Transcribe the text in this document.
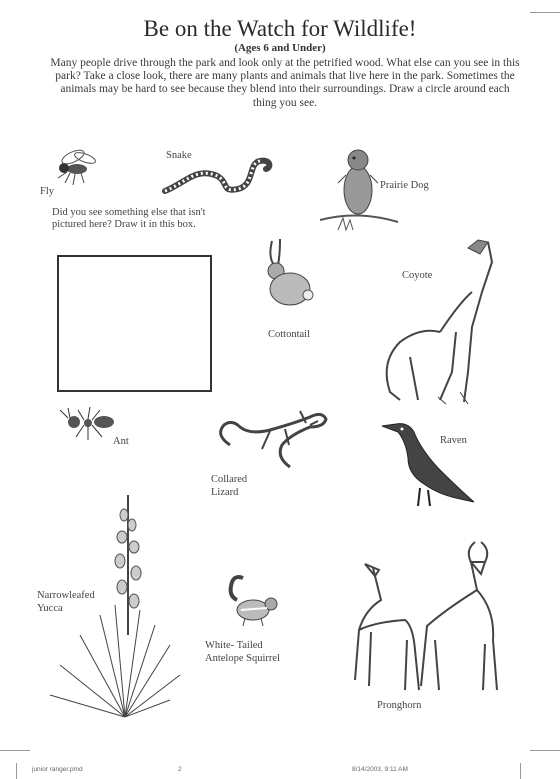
Be on the Watch for Wildlife!
(Ages 6 and Under)
Many people drive through the park and look only at the petrified wood. What else can you see in this park? Take a close look, there are many plants and animals that live here in the park. Sometimes the animals may be hard to see because they blend into their surroundings. Draw a circle around each thing you see.
Fly
Snake
Prairie Dog
Did you see something else that isn't pictured here? Draw it in this box.
Cottontail
Coyote
Ant
Collared
Lizard
Raven
Narrowleafed
Yucca
White- Tailed
Antelope Squirrel
Pronghorn
junior ranger.pmd	2	8/14/2003, 9:11 AM
